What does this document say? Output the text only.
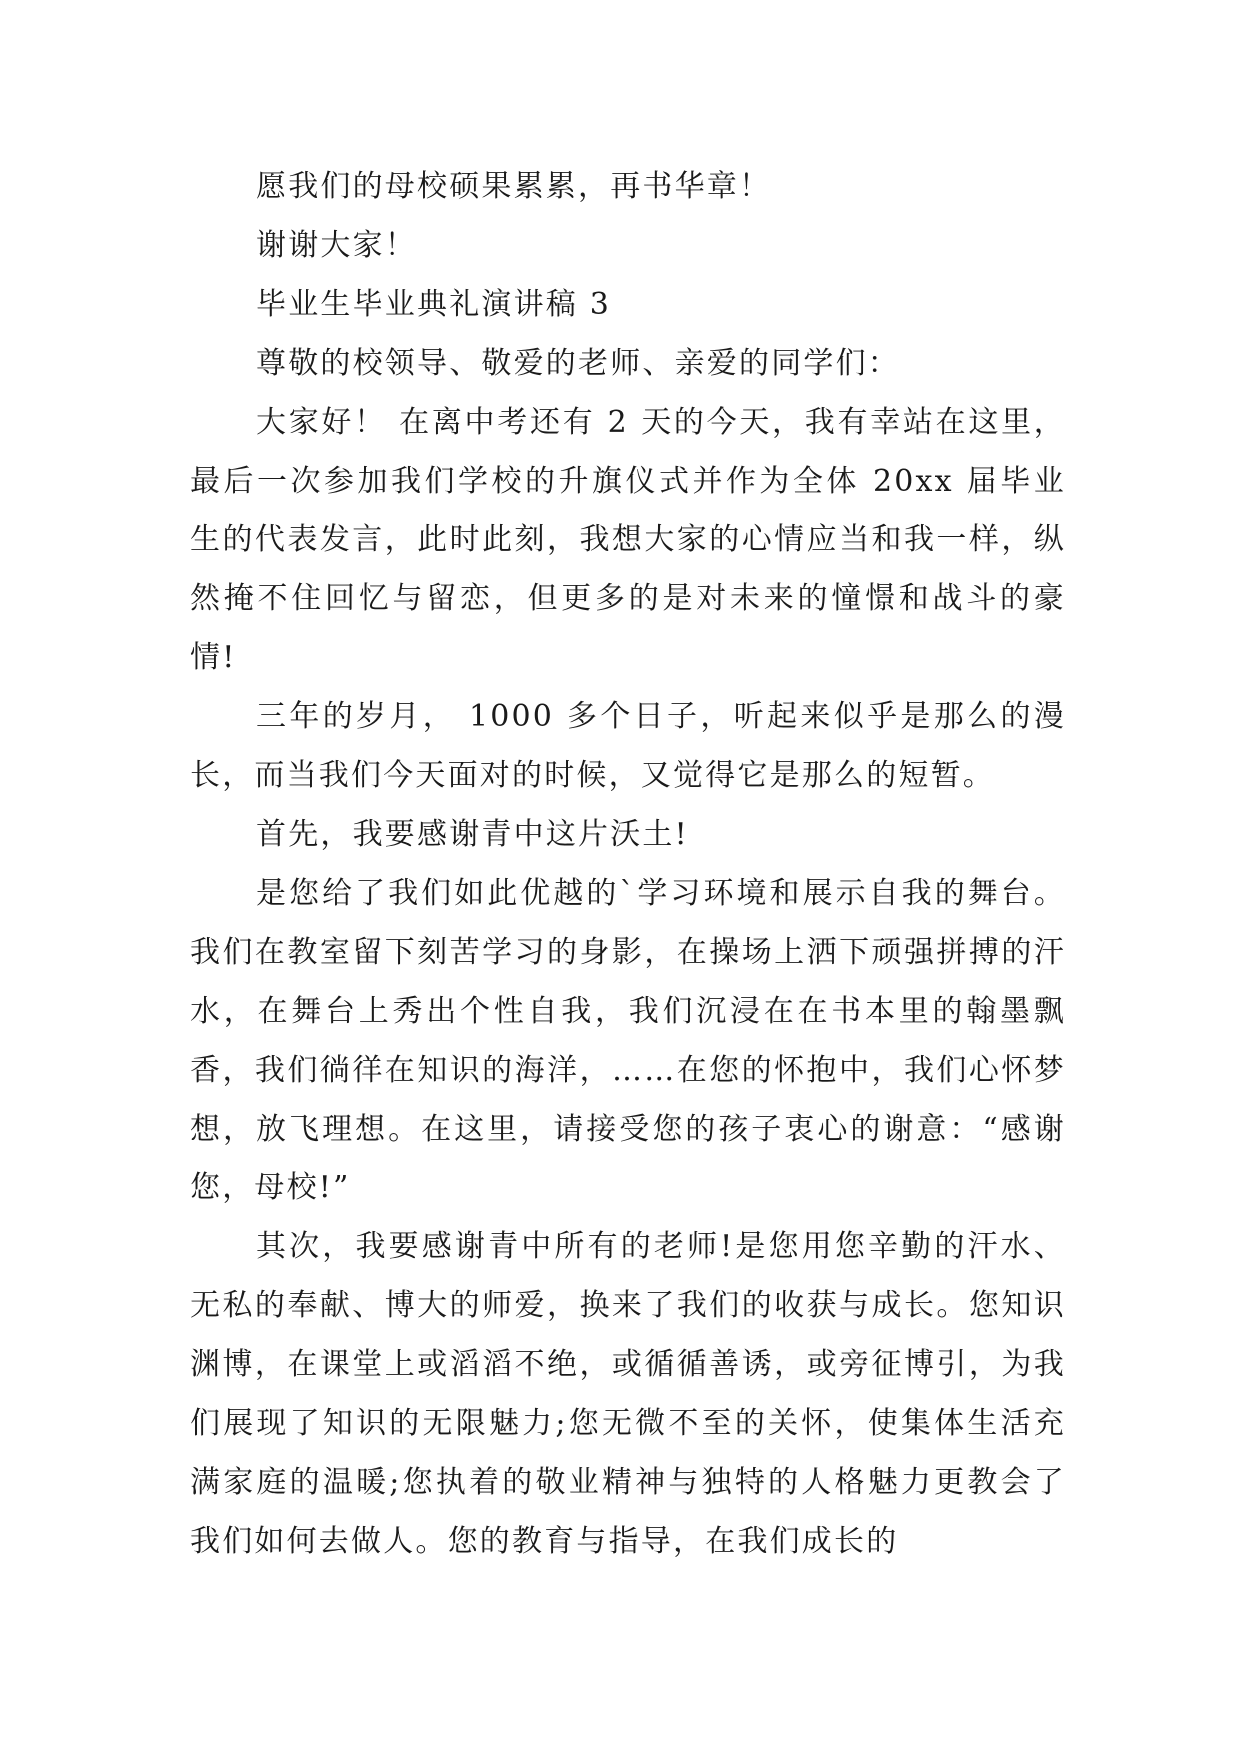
愿我们的母校硕果累累，再书华章！

谢谢大家！

毕业生毕业典礼演讲稿 3

尊敬的校领导、敬爱的老师、亲爱的同学们：

大家好！ 在离中考还有 2 天的今天，我有幸站在这里，最后一次参加我们学校的升旗仪式并作为全体 20xx 届毕业生的代表发言，此时此刻，我想大家的心情应当和我一样，纵然掩不住回忆与留恋，但更多的是对未来的憧憬和战斗的豪情!

三年的岁月， 1000 多个日子，听起来似乎是那么的漫长，而当我们今天面对的时候，又觉得它是那么的短暂。

首先，我要感谢青中这片沃土!

是您给了我们如此优越的`学习环境和展示自我的舞台。我们在教室留下刻苦学习的身影，在操场上洒下顽强拼搏的汗水，在舞台上秀出个性自我，我们沉浸在在书本里的翰墨飘香，我们徜徉在知识的海洋，……在您的怀抱中，我们心怀梦想，放飞理想。在这里，请接受您的孩子衷心的谢意：“感谢您，母校!”

其次，我要感谢青中所有的老师!是您用您辛勤的汗水、无私的奉献、博大的师爱，换来了我们的收获与成长。您知识渊博，在课堂上或滔滔不绝，或循循善诱，或旁征博引，为我们展现了知识的无限魅力;您无微不至的关怀，使集体生活充满家庭的温暖;您执着的敬业精神与独特的人格魅力更教会了我们如何去做人。您的教育与指导，在我们成长的
